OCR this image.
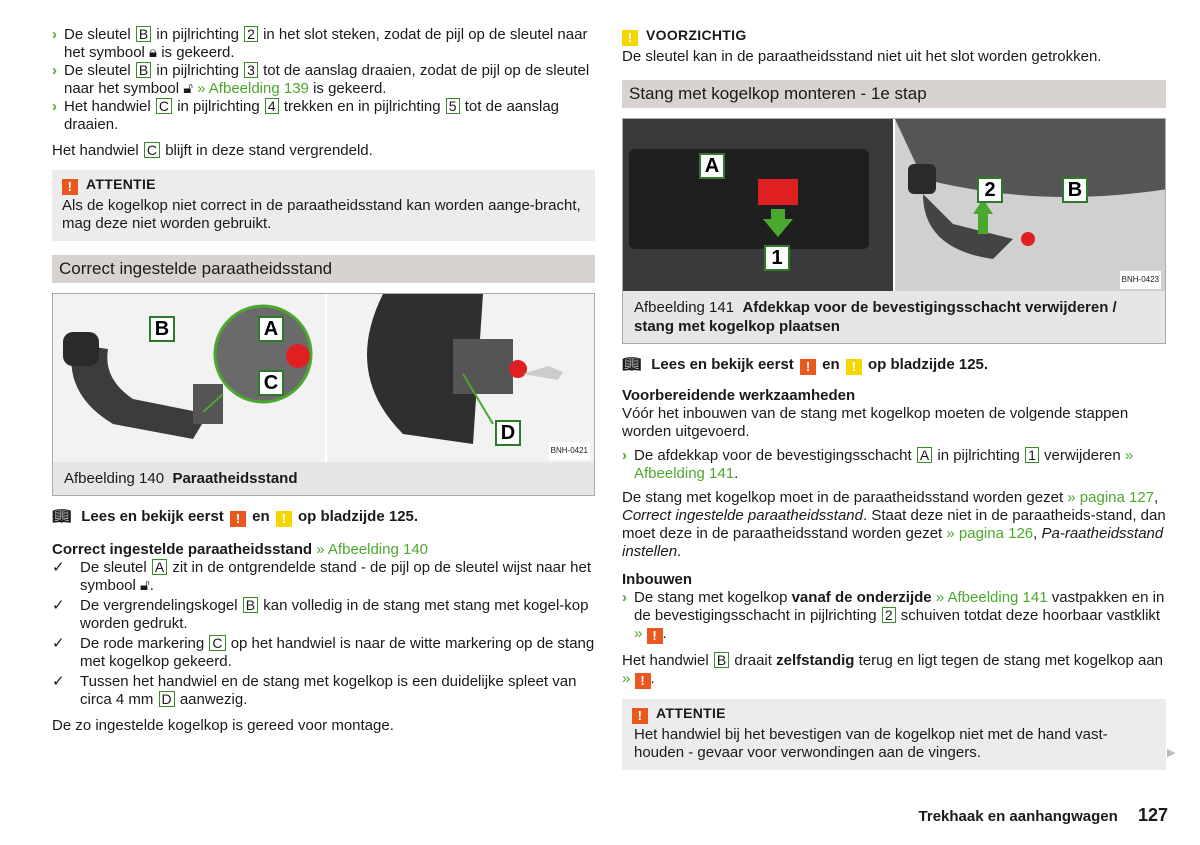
› De sleutel B in pijlrichting 2 in het slot steken, zodat de pijl op de sleutel naar het symbool 🔒︎ is gekeerd.
› De sleutel B in pijlrichting 3 tot de aanslag draaien, zodat de pijl op de sleutel naar het symbool 🔓︎ » Afbeelding 139 is gekeerd.
› Het handwiel C in pijlrichting 4 trekken en in pijlrichting 5 tot de aanslag draaien.

Het handwiel C blijft in deze stand vergrendeld.

! ATTENTIE
Als de kogelkop niet correct in de paraatheidsstand kan worden aange-bracht, mag deze niet worden gebruikt.
Correct ingestelde paraatheidsstand
B	A
C
D
BNH-0421
Afbeelding 140 Paraatheidsstand

📖︎ Lees en bekijk eerst ! en ! op bladzijde 125.

Correct ingestelde paraatheidsstand » Afbeelding 140

✓ De sleutel A zit in de ontgrendelde stand - de pijl op de sleutel wijst naar het symbool 🔓︎.
✓ De vergrendelingskogel B kan volledig in de stang met stang met kogel-kop worden gedrukt.
✓ De rode markering C op het handwiel is naar de witte markering op de stang met kogelkop gekeerd.
✓ Tussen het handwiel en de stang met kogelkop is een duidelijke spleet van circa 4 mm D aanwezig.

De zo ingestelde kogelkop is gereed voor montage.

! VOORZICHTIG
De sleutel kan in de paraatheidsstand niet uit het slot worden getrokken.
Stang met kogelkop monteren - 1e stap
A
1
2	B
BNH-0423
Afbeelding 141 Afdekkap voor de bevestigingsschacht verwijderen / stang met kogelkop plaatsen

📖︎ Lees en bekijk eerst ! en ! op bladzijde 125.

Voorbereidende werkzaamheden

Vóór het inbouwen van de stang met kogelkop moeten de volgende stappen worden uitgevoerd.

› De afdekkap voor de bevestigingsschacht A in pijlrichting 1 verwijderen » Afbeelding 141.

De stang met kogelkop moet in de paraatheidsstand worden gezet » pagina 127, Correct ingestelde paraatheidsstand. Staat deze niet in de paraatheids-stand, dan moet deze in de paraatheidsstand worden gezet » pagina 126, Pa-raatheidsstand instellen.

Inbouwen

› De stang met kogelkop vanaf de onderzijde » Afbeelding 141 vastpakken en in de bevestigingsschacht in pijlrichting 2 schuiven totdat deze hoorbaar vastklikt » ! .

Het handwiel B draait zelfstandig terug en ligt tegen de stang met kogelkop aan » ! .

! ATTENTIE
Het handwiel bij het bevestigen van de kogelkop niet met de hand vast-houden - gevaar voor verwondingen aan de vingers.	▶
Trekhaak en aanhangwagen 127
